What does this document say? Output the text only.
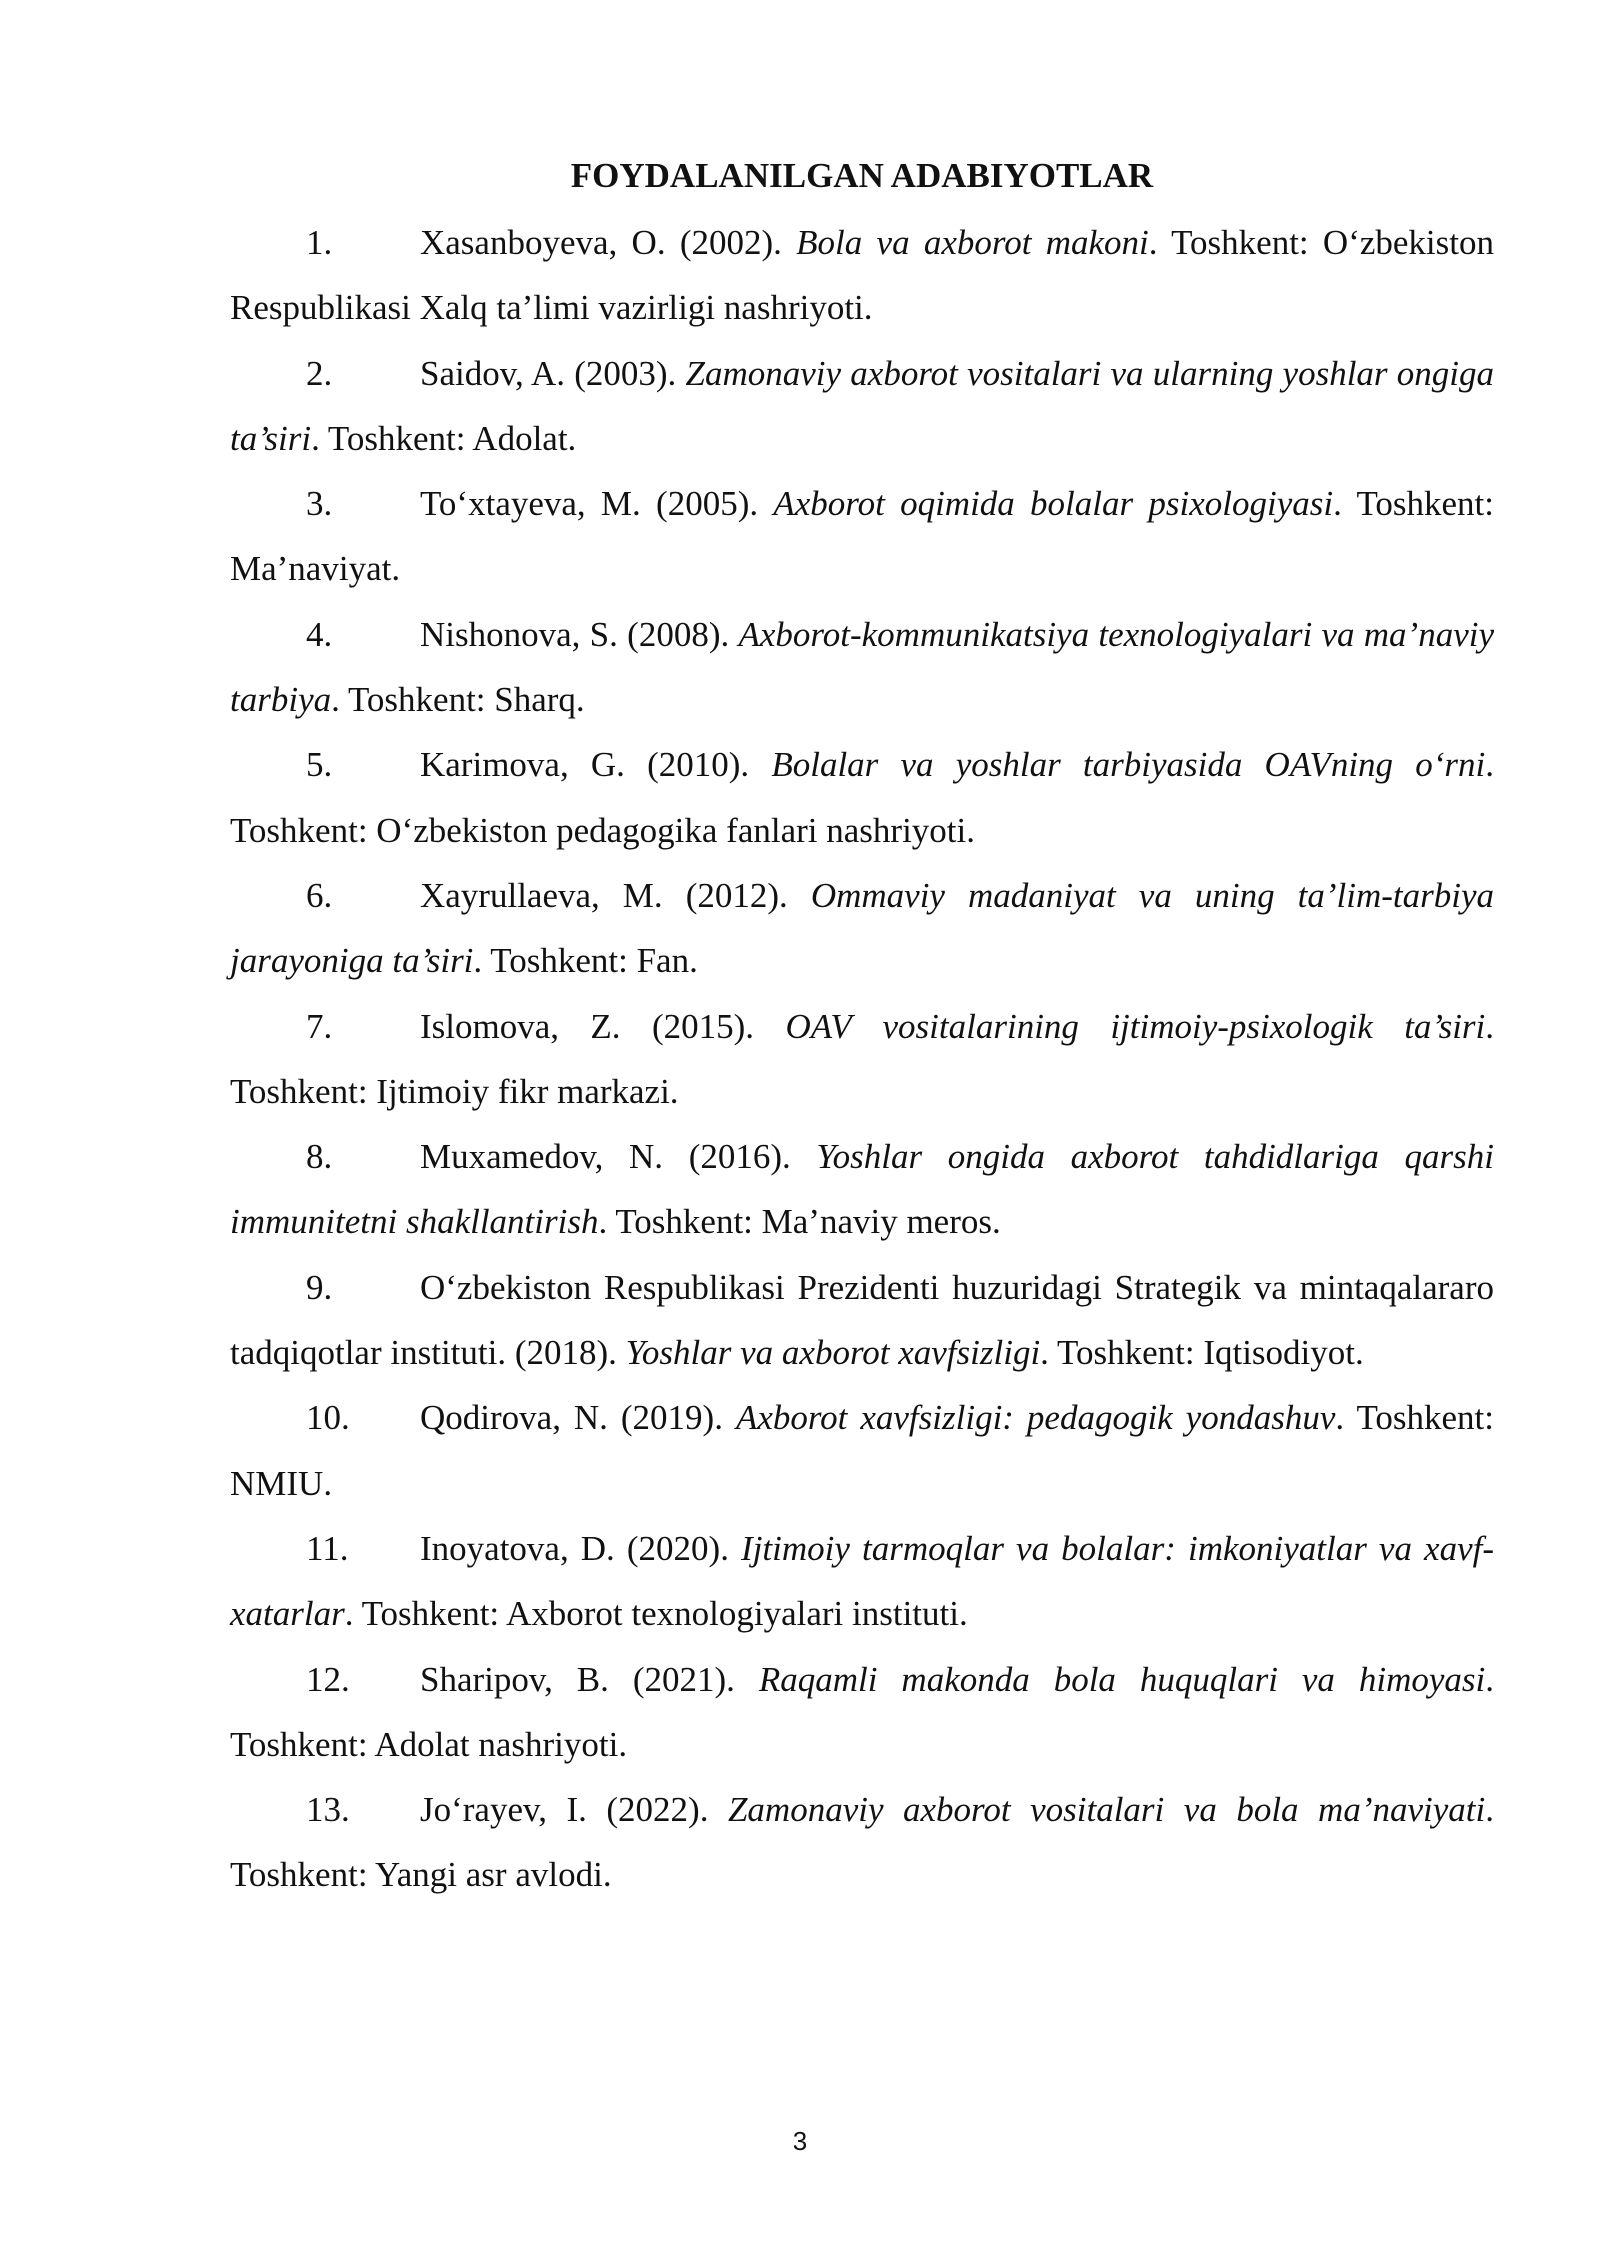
FOYDALANILGAN ADABIYOTLAR
1.	Xasanboyeva, O. (2002). Bola va axborot makoni. Toshkent: O‘zbekiston Respublikasi Xalq ta’limi vazirligi nashriyoti.
2.	Saidov, A. (2003). Zamonaviy axborot vositalari va ularning yoshlar ongiga ta’siri. Toshkent: Adolat.
3.	To‘xtayeva, M. (2005). Axborot oqimida bolalar psixologiyasi. Toshkent: Ma’naviyat.
4.	Nishonova, S. (2008). Axborot-kommunikatsiya texnologiyalari va ma’naviy tarbiya. Toshkent: Sharq.
5.	Karimova, G. (2010). Bolalar va yoshlar tarbiyasida OAVning o‘rni. Toshkent: O‘zbekiston pedagogika fanlari nashriyoti.
6.	Xayrullaeva, M. (2012). Ommaviy madaniyat va uning ta’lim-tarbiya jarayoniga ta’siri. Toshkent: Fan.
7.	Islomova, Z. (2015). OAV vositalarining ijtimoiy-psixologik ta’siri. Toshkent: Ijtimoiy fikr markazi.
8.	Muxamedov, N. (2016). Yoshlar ongida axborot tahdidlariga qarshi immunitetni shakllantirish. Toshkent: Ma’naviy meros.
9.	O‘zbekiston Respublikasi Prezidenti huzuridagi Strategik va mintaqalararo tadqiqotlar instituti. (2018). Yoshlar va axborot xavfsizligi. Toshkent: Iqtisodiyot.
10. Qodirova, N. (2019). Axborot xavfsizligi: pedagogik yondashuv. Toshkent: NMIU.
11. Inoyatova, D. (2020). Ijtimoiy tarmoqlar va bolalar: imkoniyatlar va xavf-xatarlar. Toshkent: Axborot texnologiyalari instituti.
12. Sharipov, B. (2021). Raqamli makonda bola huquqlari va himoyasi. Toshkent: Adolat nashriyoti.
13. Jo‘rayev, I. (2022). Zamonaviy axborot vositalari va bola ma’naviyati. Toshkent: Yangi asr avlodi.
3
